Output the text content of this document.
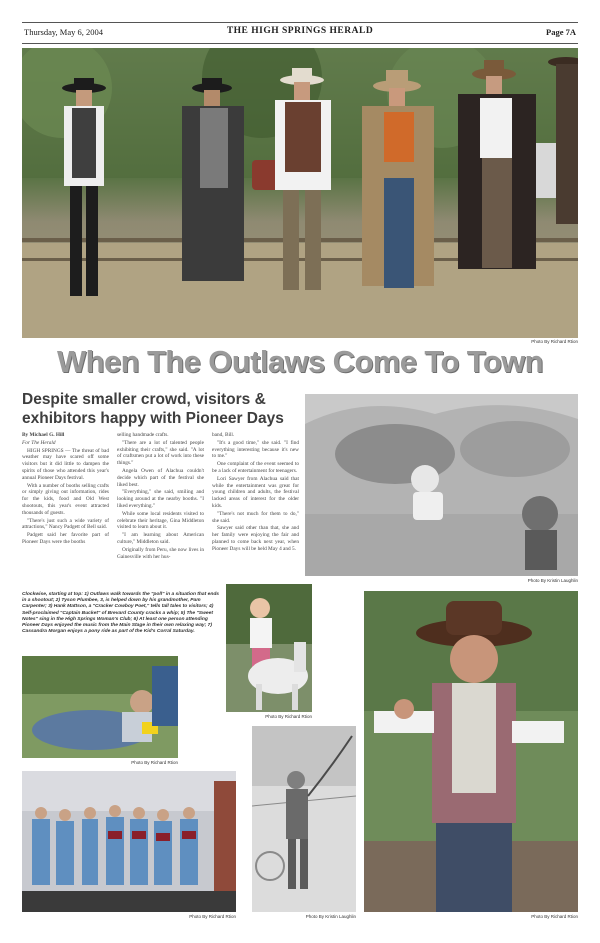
Thursday, May 6, 2004	THE HIGH SPRINGS HERALD	Page 7A
Photo By Richard Rtion
When The Outlaws Come To Town
Despite smaller crowd, visitors & exhibitors happy with Pioneer Days

By Michael G. Hill

For The Herald

HIGH SPRINGS — The threat of bad weather may have scared off some visitors but it did little to dampen the spirits of those who attended this year's annual Pioneer Days festival.

With a number of booths selling crafts or simply giving out information, rides for the kids, food and Old West shootouts, this year's event attracted thousands of guests.

"There's just such a wide variety of attractions," Nancy Padgett of Bell said.

Padgett said her favorite part of Pioneer Days were the booths

selling handmade crafts.

"There are a lot of talented people exhibiting their crafts," she said. "A lot of craftsmen put a lot of work into these things."

Angela Owen of Alachua couldn't decide which part of the festival she liked best.

"Everything," she said, smiling and looking around at the nearby booths. "I liked everything."

While some local residents visited to celebrate their heritage, Gina Middleton visited to learn about it.

"I am learning about American culture," Middleton said.

Originally from Peru, she now lives in Gainesville with her hus-

band, Bill.

"It's a good time," she said. "I find everything interesting because it's new to me."

One complaint of the event seemed to be a lack of entertainment for teenagers.

Lori Sawyer from Alachua said that while the entertainment was great for young children and adults, the festival lacked areas of interest for the older kids.

"There's not much for them to do," she said.

Sawyer said other than that, she and her family were enjoying the fair and planned to come back next year, when Pioneer Days will be held May 4 and 5.

Photo By Kristin Laughlin
Clockwise, starting at top: 1) Outlaws walk towards the "poll" in a situation that ends in a shootout; 2) Tyson Plumbee, 3, is helped down by his grandmother, Pam Carpenter; 3) Hank Mattson, a "Cracker Cowboy Poet," tells tall tales to visitors; 4) Self-proclaimed "Captain Bucket" of Brevard County cracks a whip; 5) The "Sweet Notes" sing in the High Springs Woman's Club; 6) At least one person attending Pioneer Days enjoyed the music from the Main Stage in their own relaxing way; 7) Cassandra Morgan enjoys a pony ride as part of the Kid's Corral Saturday.
Photo By Richard Rtion
Photo By Richard Rtion
Photo By Richard Rtion
Photo By Kristin Laughlin
Photo By Richard Rtion
